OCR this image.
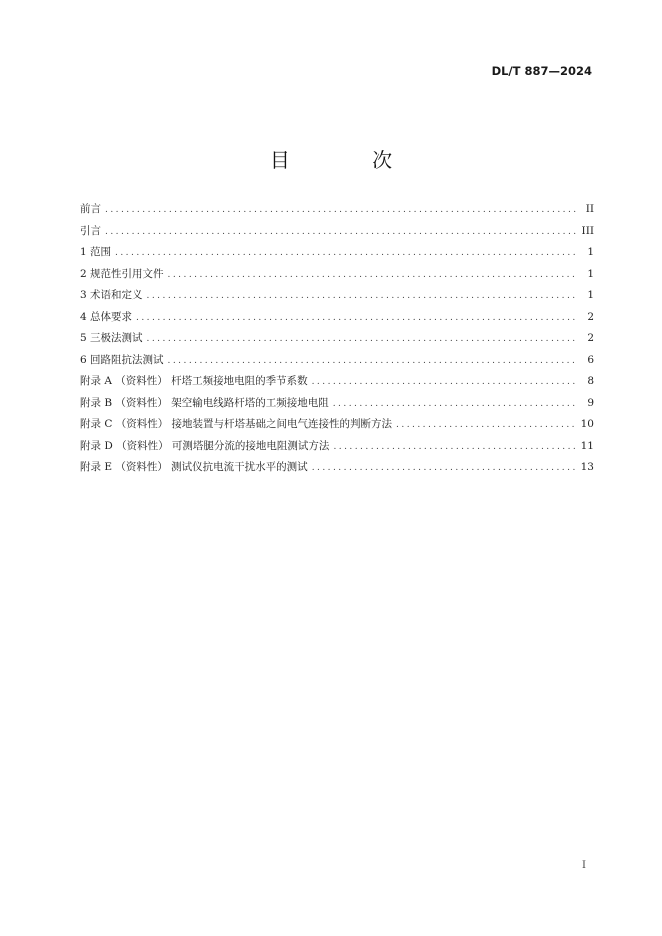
DL/T 887—2024
目 次
前言 . . .	II
引言 . . .	III
1 范围 . . .	1
2 规范性引用文件 . . .	1
3 术语和定义 . . .	1
4 总体要求 . . .	2
5 三极法测试 . . .	2
6 回路阻抗法测试 . . .	6
附录 A （资料性） 杆塔工频接地电阻的季节系数 . . .	8
附录 B （资料性） 架空输电线路杆塔的工频接地电阻 . . .	9
附录 C （资料性） 接地装置与杆塔基础之间电气连接性的判断方法 . . .	10
附录 D （资料性） 可测塔腿分流的接地电阻测试方法 . . .	11
附录 E （资料性） 测试仪抗电流干扰水平的测试 . . .	13
I
